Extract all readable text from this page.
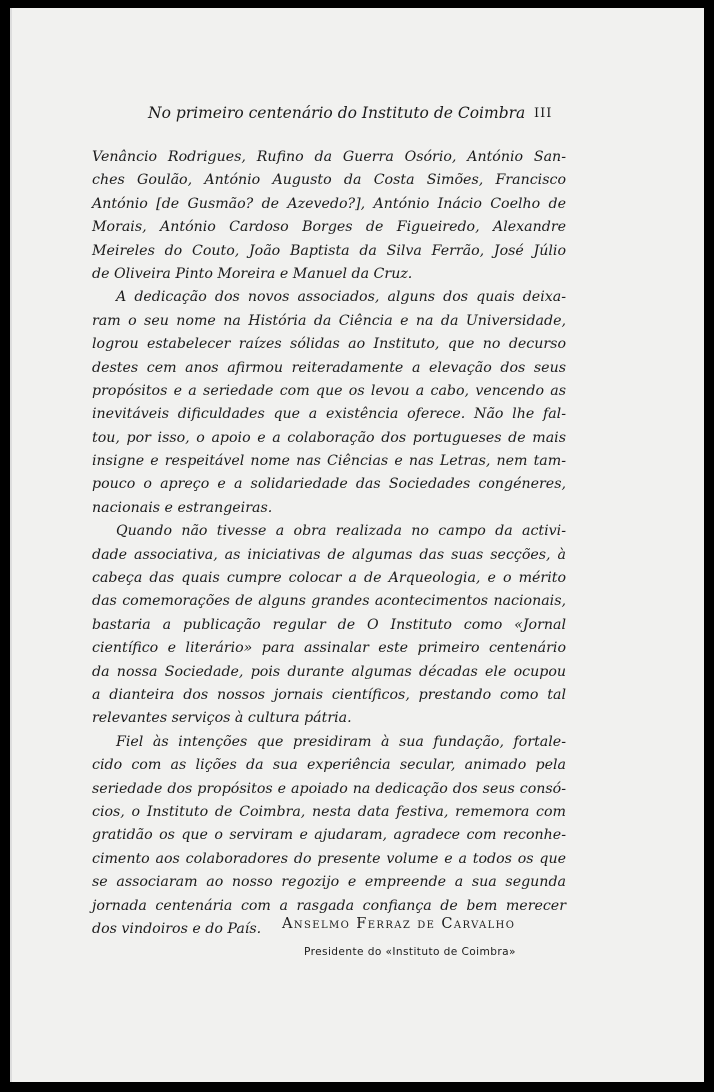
No primeiro centenário do Instituto de Coimbra III
Venâncio Rodrigues, Rufino da Guerra Osório, António San-
ches Goulão, António Augusto da Costa Simões, Francisco
António [de Gusmão? de Azevedo?], António Inácio Coelho de
Morais, António Cardoso Borges de Figueiredo, Alexandre
Meireles do Couto, João Baptista da Silva Ferrão, José Júlio
de Oliveira Pinto Moreira e Manuel da Cruz.
A dedicação dos novos associados, alguns dos quais deixa-
ram o seu nome na História da Ciência e na da Universidade,
logrou estabelecer raízes sólidas ao Instituto, que no decurso
destes cem anos afirmou reiteradamente a elevação dos seus
propósitos e a seriedade com que os levou a cabo, vencendo as
inevitáveis dificuldades que a existência oferece. Não lhe fal-
tou, por isso, o apoio e a colaboração dos portugueses de mais
insigne e respeitável nome nas Ciências e nas Letras, nem tam-
pouco o apreço e a solidariedade das Sociedades congéneres,
nacionais e estrangeiras.
Quando não tivesse a obra realizada no campo da activi-
dade associativa, as iniciativas de algumas das suas secções, à
cabeça das quais cumpre colocar a de Arqueologia, e o mérito
das comemorações de alguns grandes acontecimentos nacionais,
bastaria a publicação regular de O Instituto como «Jornal
científico e literário» para assinalar este primeiro centenário
da nossa Sociedade, pois durante algumas décadas ele ocupou
a dianteira dos nossos jornais científicos, prestando como tal
relevantes serviços à cultura pátria.
Fiel às intenções que presidiram à sua fundação, fortale-
cido com as lições da sua experiência secular, animado pela
seriedade dos propósitos e apoiado na dedicação dos seus consó-
cios, o Instituto de Coimbra, nesta data festiva, rememora com
gratidão os que o serviram e ajudaram, agradece com reconhe-
cimento aos colaboradores do presente volume e a todos os que
se associaram ao nosso regozijo e empreende a sua segunda
jornada centenária com a rasgada confiança de bem merecer
dos vindoiros e do País.	Anselmo Ferraz de Carvalho
Presidente do «Instituto de Coimbra»
